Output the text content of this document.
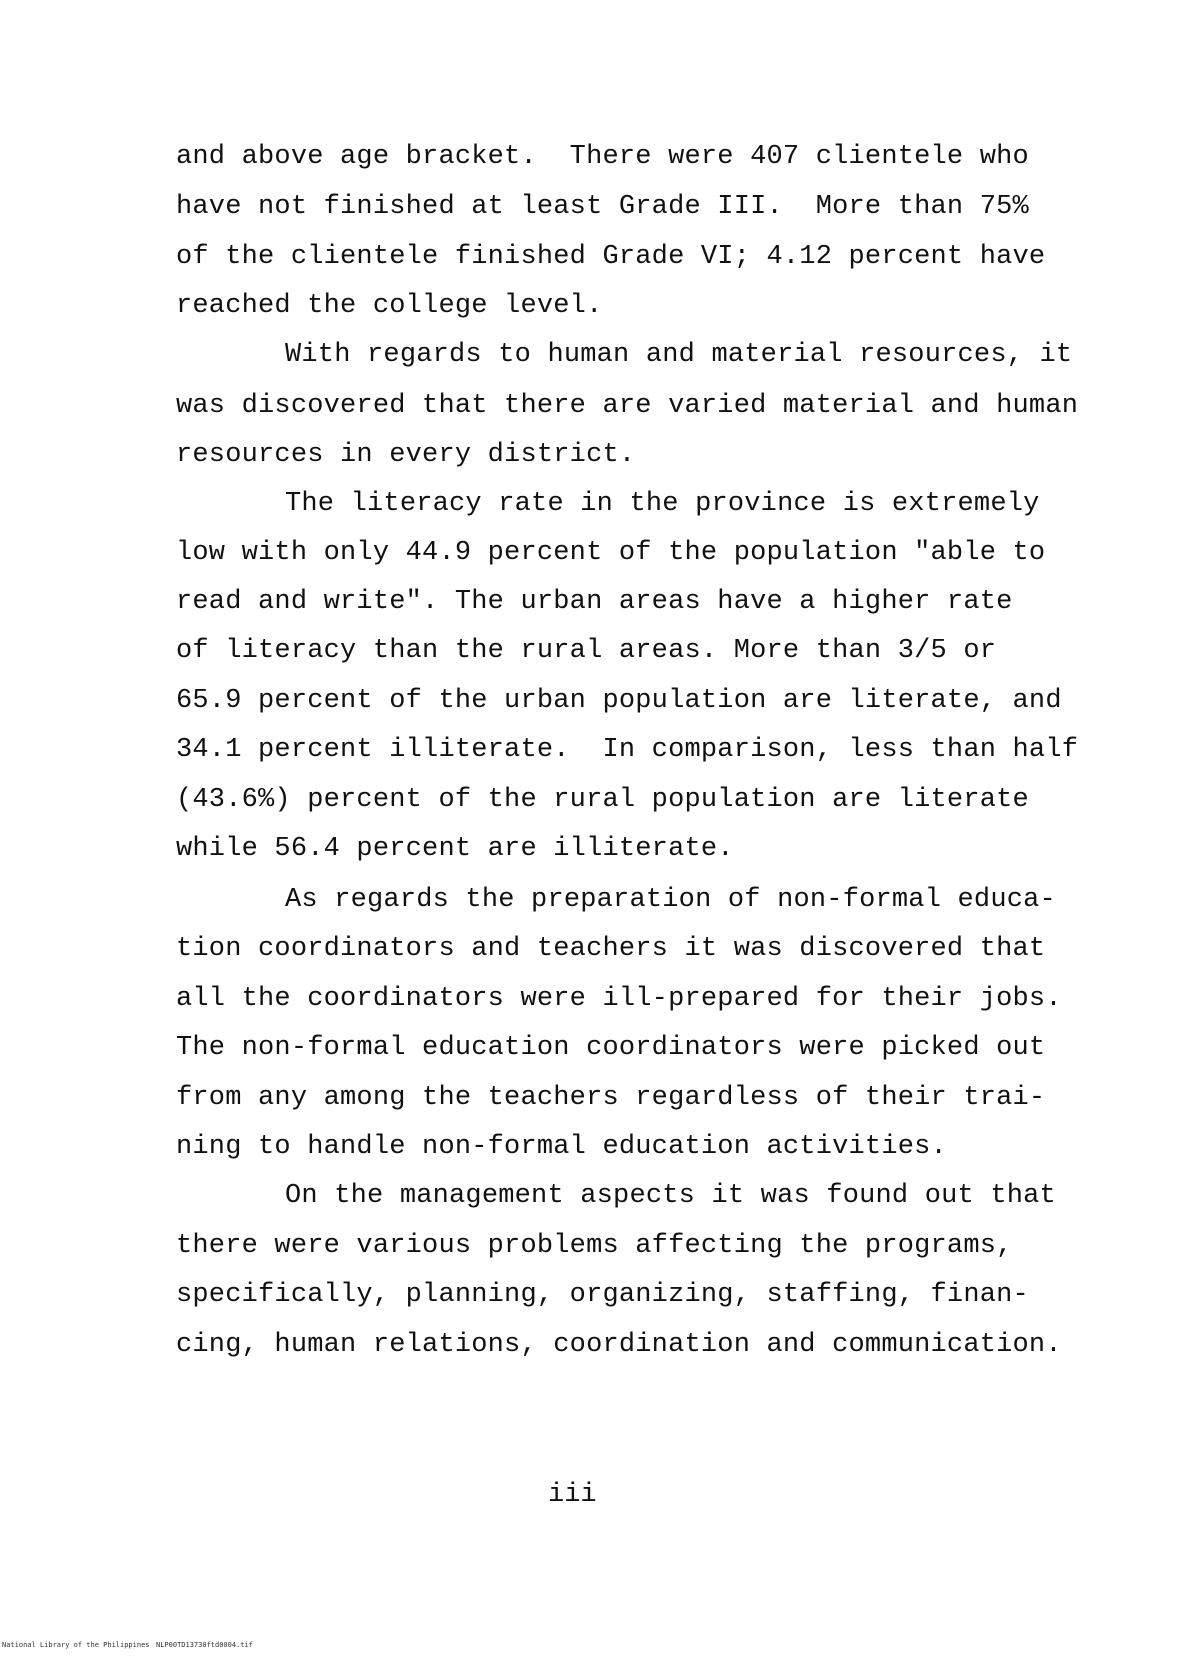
and above age bracket.  There were 407 clientele who
have not finished at least Grade III.  More than 75%
of the clientele finished Grade VI; 4.12 percent have
reached the college level.
With regards to human and material resources, it
was discovered that there are varied material and human
resources in every district.
The literacy rate in the province is extremely
low with only 44.9 percent of the population "able to
read and write". The urban areas have a higher rate
of literacy than the rural areas. More than 3/5 or
65.9 percent of the urban population are literate, and
34.1 percent illiterate.  In comparison, less than half
(43.6%) percent of the rural population are literate
while 56.4 percent are illiterate.
As regards the preparation of non-formal educa-
tion coordinators and teachers it was discovered that
all the coordinators were ill-prepared for their jobs.
The non-formal education coordinators were picked out
from any among the teachers regardless of their trai-
ning to handle non-formal education activities.
On the management aspects it was found out that
there were various problems affecting the programs,
specifically, planning, organizing, staffing, finan-
cing, human relations, coordination and communication.
iii
National Library of the Philippines NLP00TD13730ftd0004.tif
